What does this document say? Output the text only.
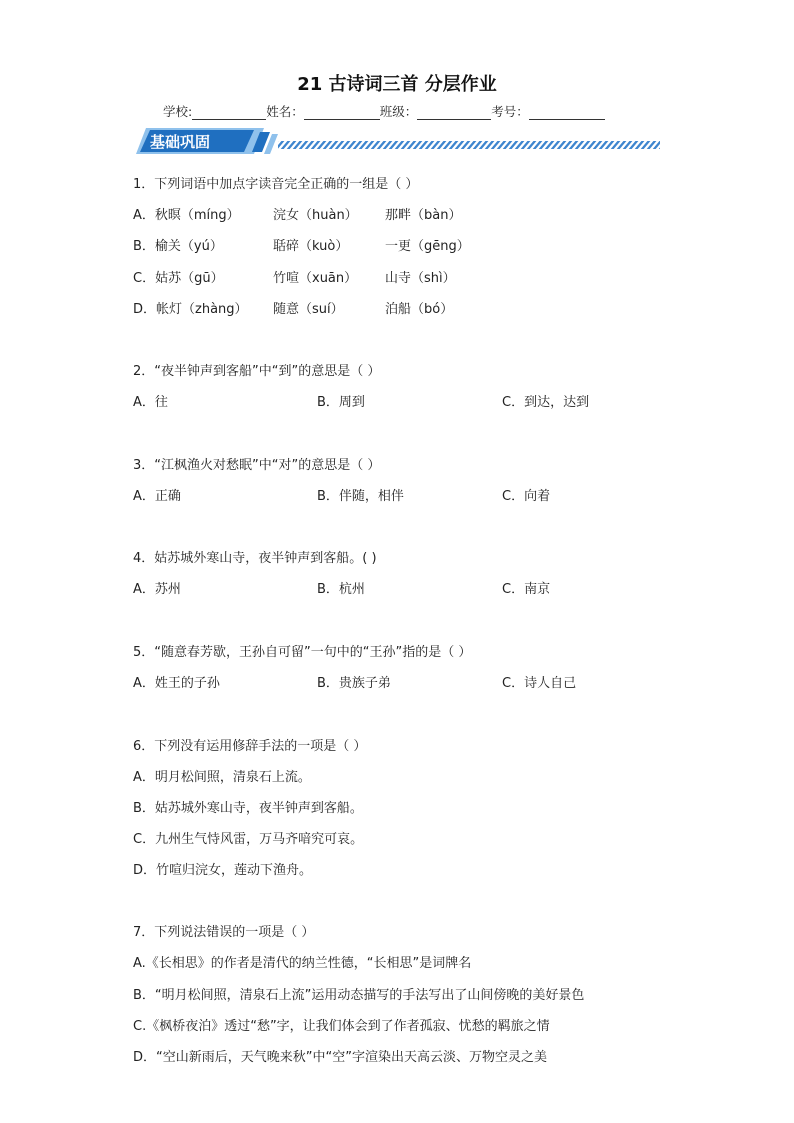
21 古诗词三首 分层作业
学校:	姓名：	班级：	考号：
基础巩固
1．下列词语中加点字读音完全正确的一组是（ ）
A．秋暝（míng）	浣女（huàn） 那畔（bàn）
B．榆关（yú）	聒碎（kuò）	一更（gēng）
C．姑苏（gū）	竹喧（xuān） 山寺（shì）
D．帐灯（zhàng） 随意（suí）	泊船（bó）
2．“夜半钟声到客船”中“到”的意思是（ ）
A．往	B．周到	C．到达，达到
3．“江枫渔火对愁眠”中“对”的意思是（ ）
A．正确	B．伴随，相伴	C．向着
4．姑苏城外寒山寺，夜半钟声到客船。( )
A．苏州	B．杭州	C．南京
5．“随意春芳歇，王孙自可留”一句中的“王孙”指的是（ ）
A．姓王的子孙	B．贵族子弟	C．诗人自己
6．下列没有运用修辞手法的一项是（ ）
A．明月松间照，清泉石上流。
B．姑苏城外寒山寺，夜半钟声到客船。
C．九州生气恃风雷，万马齐喑究可哀。
D．竹喧归浣女，莲动下渔舟。
7．下列说法错误的一项是（ ）
A.《长相思》的作者是清代的纳兰性德，“长相思”是词牌名
B．“明月松间照，清泉石上流”运用动态描写的手法写出了山间傍晚的美好景色
C.《枫桥夜泊》透过“愁”字，让我们体会到了作者孤寂、忧愁的羁旅之情
D．“空山新雨后，天气晚来秋”中“空”字渲染出天高云淡、万物空灵之美
